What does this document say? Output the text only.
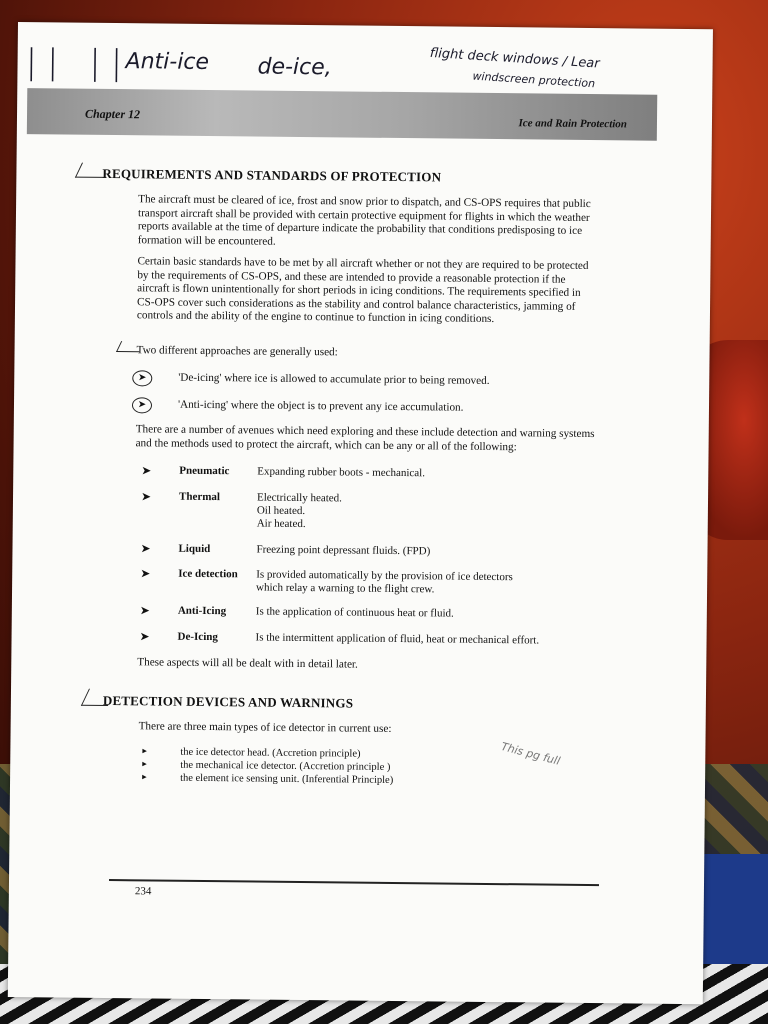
|| ||
Anti-ice de-ice,	flight deck windows / Lear
windscreen protection
Chapter 12
Ice and Rain Protection
REQUIREMENTS AND STANDARDS OF PROTECTION
The aircraft must be cleared of ice, frost and snow prior to dispatch, and CS-OPS requires that public transport aircraft shall be provided with certain protective equipment for flights in which the weather reports available at the time of departure indicate the probability that conditions predisposing to ice formation will be encountered.
Certain basic standards have to be met by all aircraft whether or not they are required to be protected by the requirements of CS-OPS, and these are intended to provide a reasonable protection if the aircraft is flown unintentionally for short periods in icing conditions. The requirements specified in CS-OPS cover such considerations as the stability and control balance characteristics, jamming of controls and the ability of the engine to continue to function in icing conditions.
Two different approaches are generally used:
➤	'De-icing' where ice is allowed to accumulate prior to being removed.
➤	'Anti-icing' where the object is to prevent any ice accumulation.
There are a number of avenues which need exploring and these include detection and warning systems and the methods used to protect the aircraft, which can be any or all of the following:
➤	Pneumatic	Expanding rubber boots - mechanical.
➤	Thermal	Electrically heated.
Oil heated.
Air heated.
➤	Liquid	Freezing point depressant fluids. (FPD)
➤	Ice detection Is provided automatically by the provision of ice detectors
which relay a warning to the flight crew.
➤	Anti-Icing	Is the application of continuous heat or fluid.
➤	De-Icing	Is the intermittent application of fluid, heat or mechanical effort.
These aspects will all be dealt with in detail later.
DETECTION DEVICES AND WARNINGS
There are three main types of ice detector in current use:
▸	the ice detector head. (Accretion principle)
▸	the mechanical ice detector. (Accretion principle )
▸	the element ice sensing unit. (Inferential Principle)
This pg full
234
